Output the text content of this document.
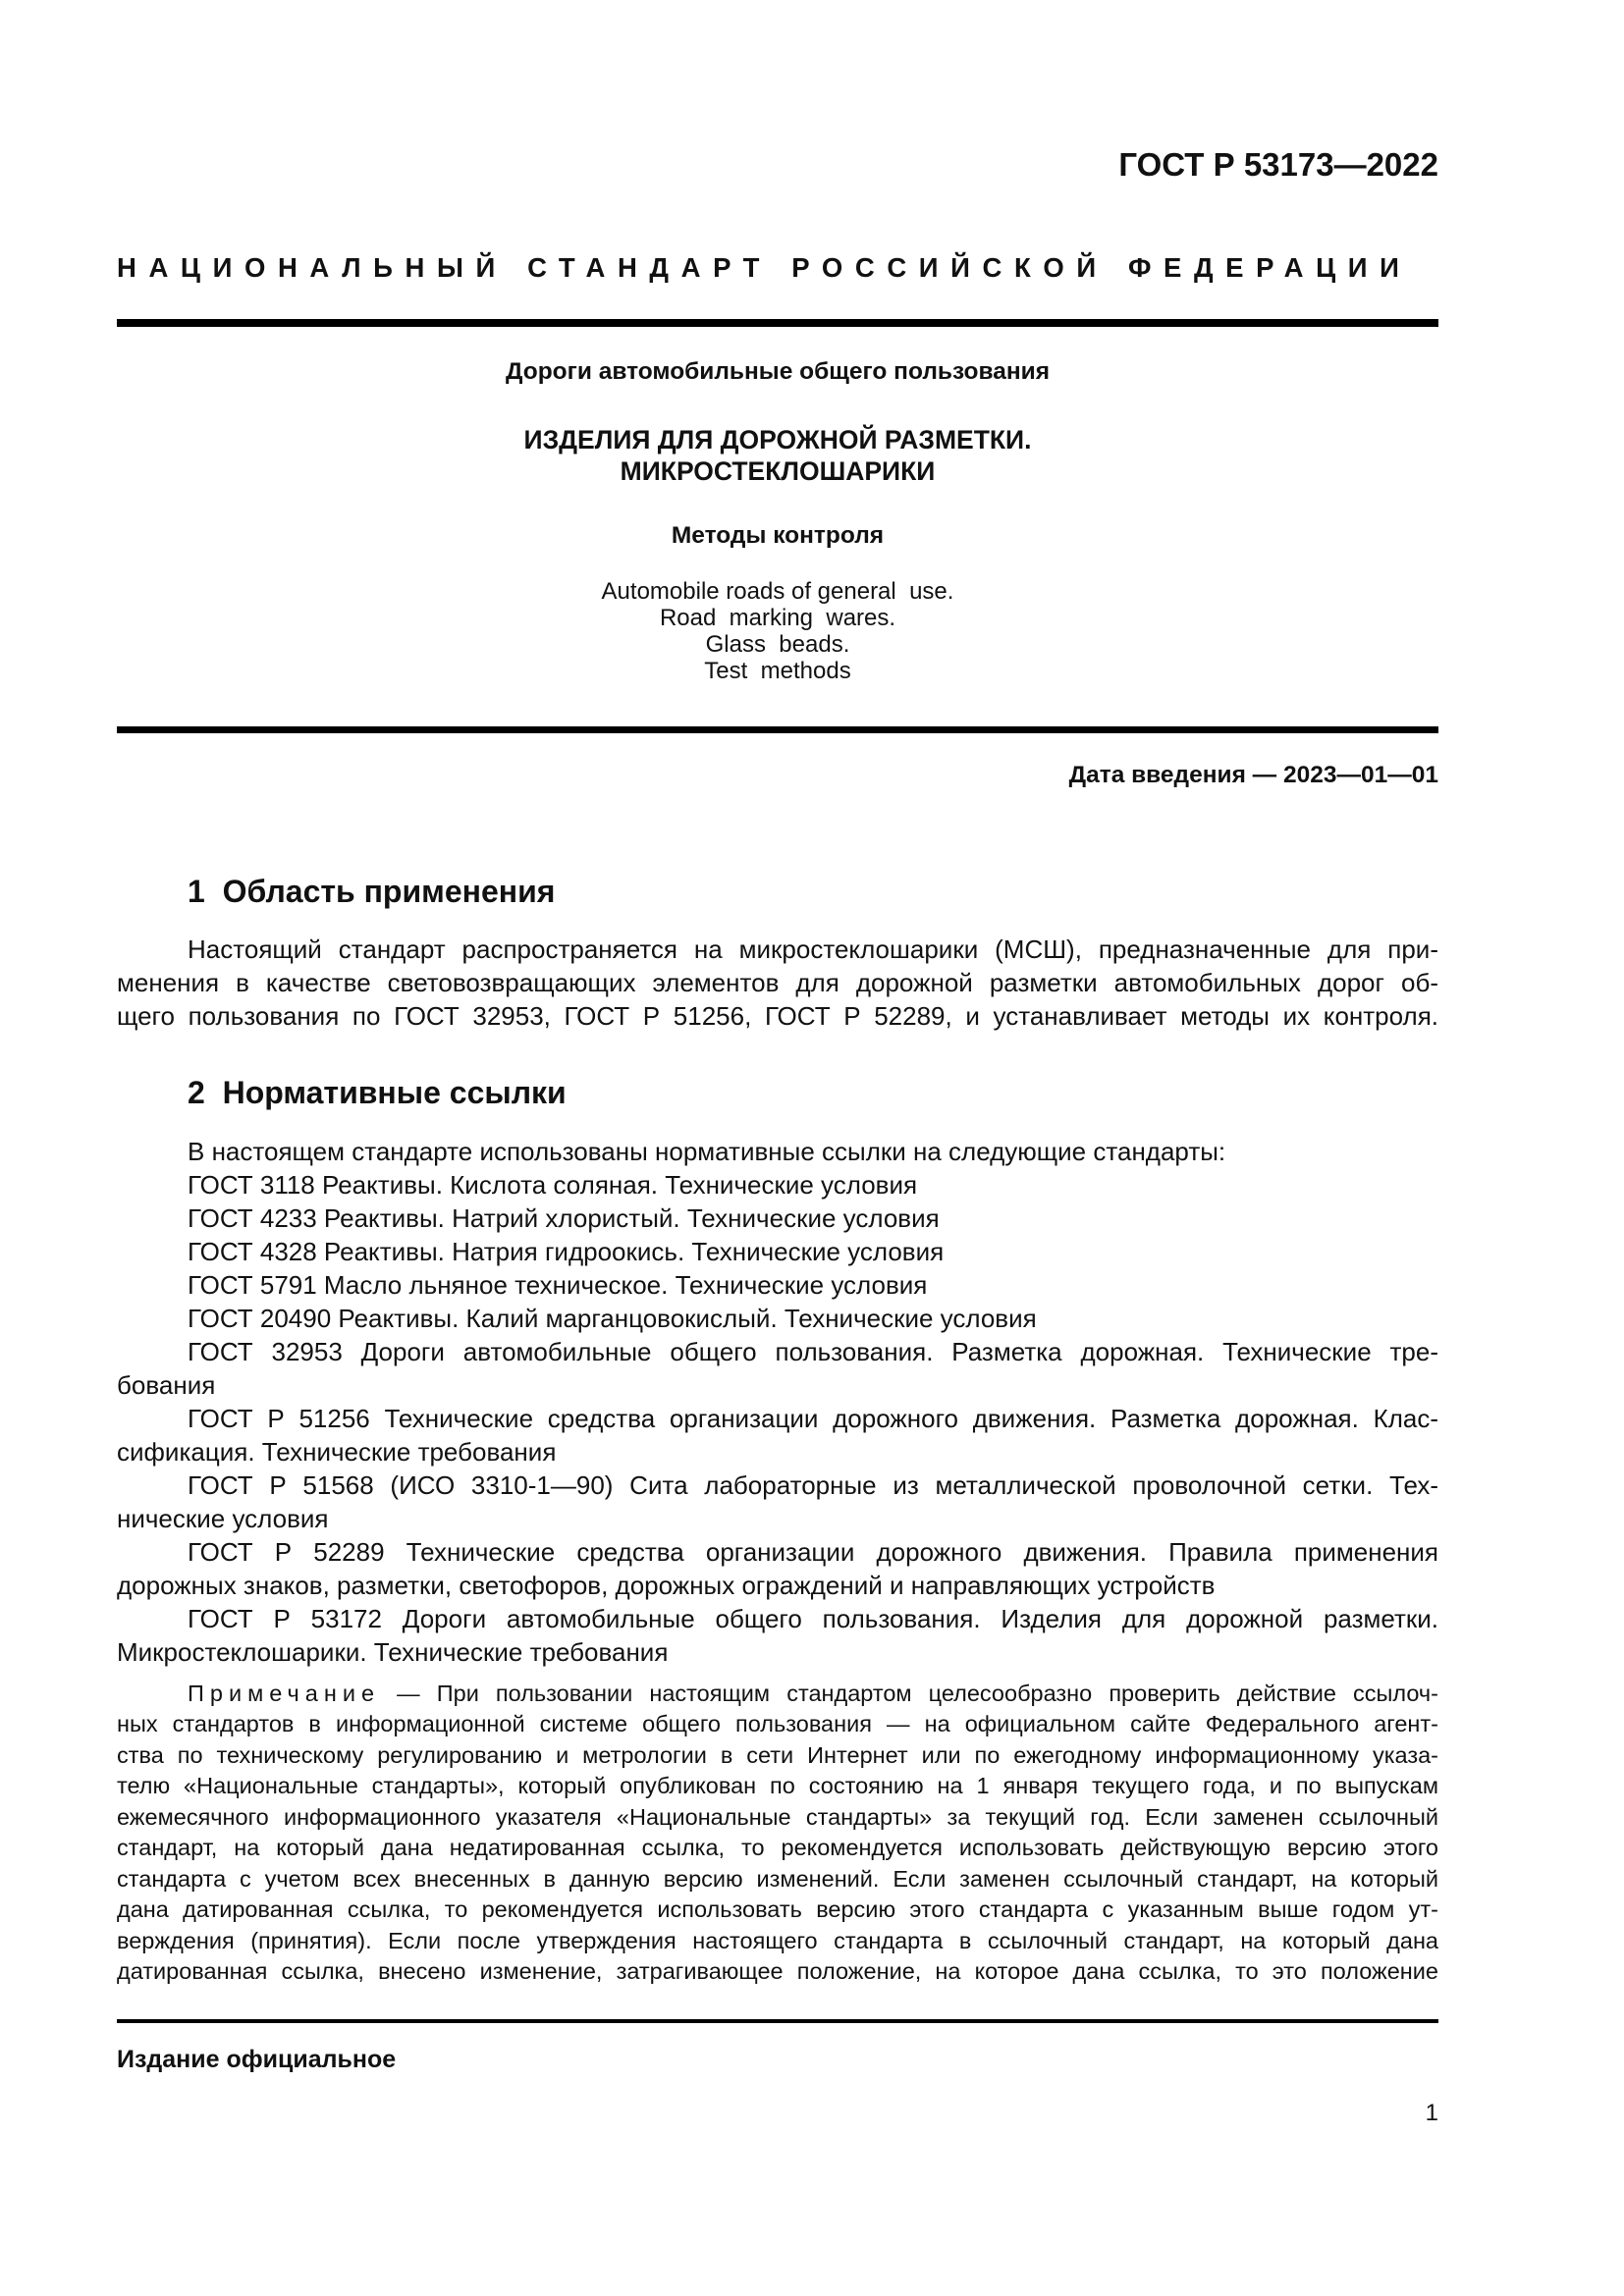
ГОСТ Р 53173—2022
НАЦИОНАЛЬНЫЙ СТАНДАРТ РОССИЙСКОЙ ФЕДЕРАЦИИ
Дороги автомобильные общего пользования
ИЗДЕЛИЯ ДЛЯ ДОРОЖНОЙ РАЗМЕТКИ.
МИКРОСТЕКЛОШАРИКИ
Методы контроля
Automobile roads of general  use.
Road  marking  wares.
Glass  beads.
Test  methods
Дата введения — 2023—01—01
1  Область применения
Настоящий стандарт распространяется на микростеклошарики (МСШ), предназначенные для при-
менения в качестве световозвращающих элементов для дорожной разметки автомобильных дорог об-
щего пользования по ГОСТ 32953, ГОСТ Р 51256, ГОСТ Р 52289, и устанавливает методы их контроля.
2  Нормативные ссылки
В настоящем стандарте использованы нормативные ссылки на следующие стандарты:
ГОСТ 3118 Реактивы. Кислота соляная. Технические условия
ГОСТ 4233 Реактивы. Натрий хлористый. Технические условия
ГОСТ 4328 Реактивы. Натрия гидроокись. Технические условия
ГОСТ 5791 Масло льняное техническое. Технические условия
ГОСТ 20490 Реактивы. Калий марганцовокислый. Технические условия
ГОСТ 32953 Дороги автомобильные общего пользования. Разметка дорожная. Технические тре-
бования
ГОСТ Р 51256 Технические средства организации дорожного движения. Разметка дорожная. Клас-
сификация. Технические требования
ГОСТ Р 51568 (ИСО 3310-1—90) Сита лабораторные из металлической проволочной сетки. Тех-
нические условия
ГОСТ Р 52289 Технические средства организации дорожного движения. Правила применения
дорожных знаков, разметки, светофоров, дорожных ограждений и направляющих устройств
ГОСТ Р 53172 Дороги автомобильные общего пользования. Изделия для дорожной разметки.
Микростеклошарики. Технические требования
Примечание — При пользовании настоящим стандартом целесообразно проверить действие ссылоч-
ных стандартов в информационной системе общего пользования — на официальном сайте Федерального агент-
ства по техническому регулированию и метрологии в сети Интернет или по ежегодному информационному указа-
телю «Национальные стандарты», который опубликован по состоянию на 1 января текущего года, и по выпускам
ежемесячного информационного указателя «Национальные стандарты» за текущий год. Если заменен ссылочный
стандарт, на который дана недатированная ссылка, то рекомендуется использовать действующую версию этого
стандарта с учетом всех внесенных в данную версию изменений. Если заменен ссылочный стандарт, на который
дана датированная ссылка, то рекомендуется использовать версию этого стандарта с указанным выше годом ут-
верждения (принятия). Если после утверждения настоящего стандарта в ссылочный стандарт, на который дана
датированная ссылка, внесено изменение, затрагивающее положение, на которое дана ссылка, то это положение
Издание официальное
1
